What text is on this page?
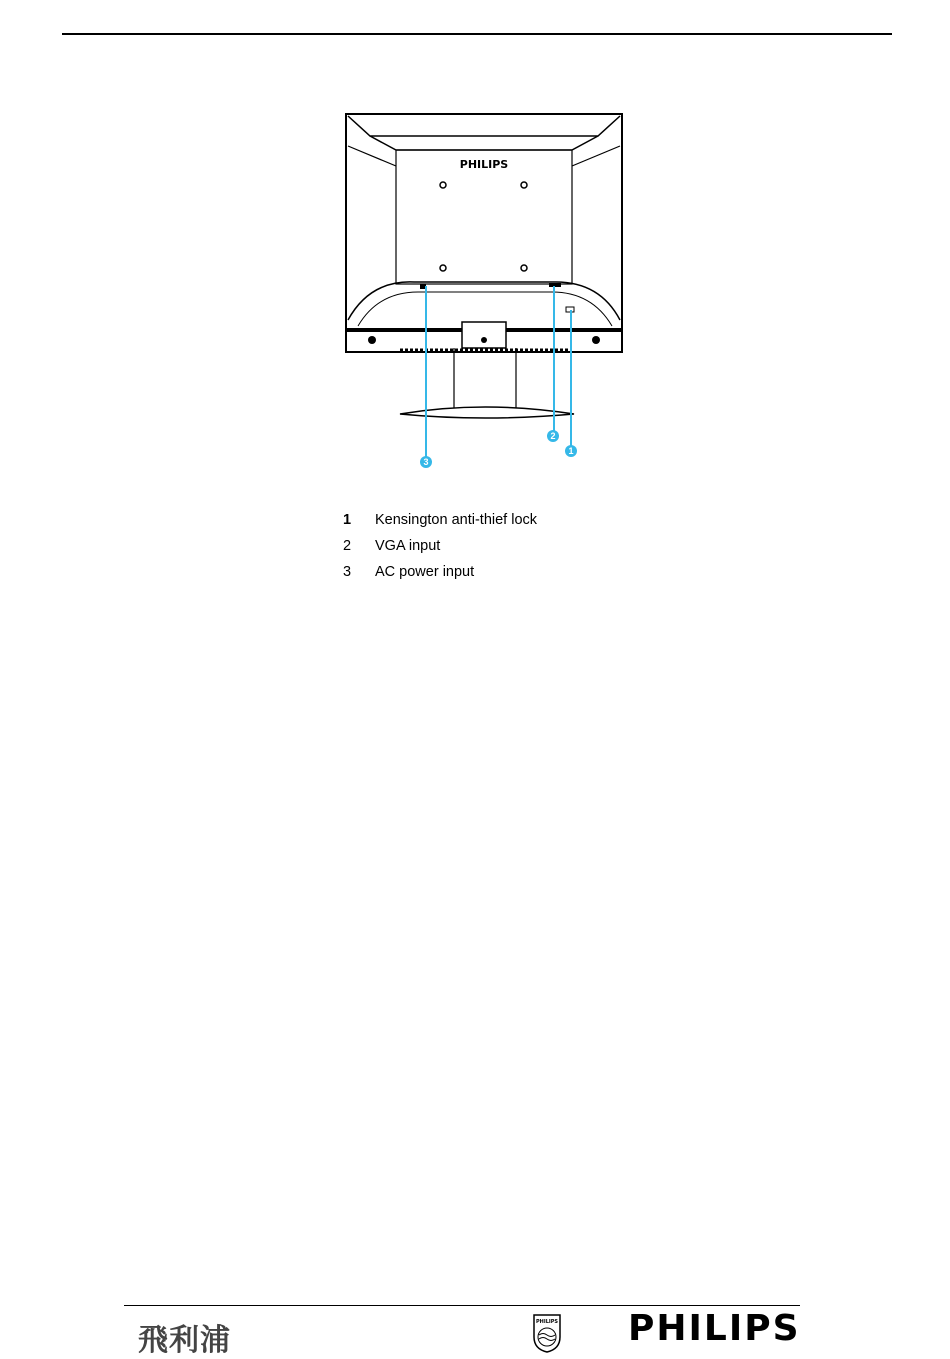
PHILIPS
1
2
3
1	Kensington anti-thief lock
2	VGA input
3	AC power input
飛利浦
PHILIPS PHILIPS
